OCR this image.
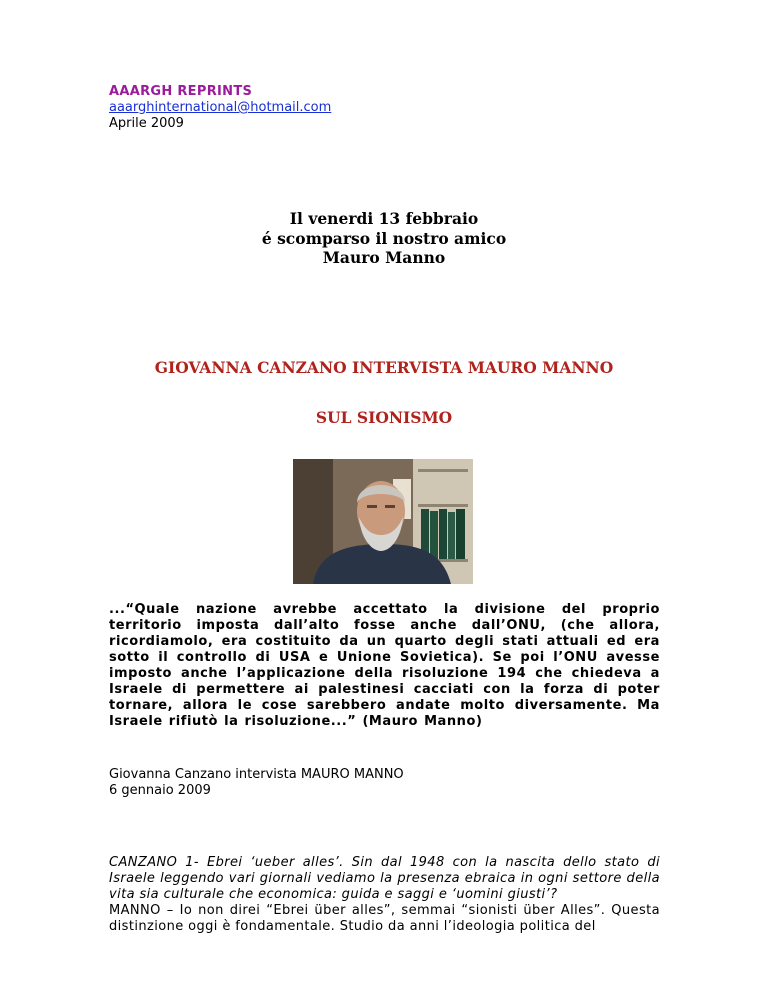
AAARGH REPRINTS
aaarghinternational@hotmail.com
Aprile 2009
Il venerdi 13 febbraio
é scomparso il nostro amico
Mauro Manno
GIOVANNA CANZANO INTERVISTA MAURO MANNO
SUL SIONISMO
...“Quale nazione avrebbe accettato la divisione del proprio territorio imposta dall’alto fosse anche dall’ONU, (che allora, ricordiamolo, era costituito da un quarto degli stati attuali ed era sotto il controllo di USA e Unione Sovietica). Se poi l’ONU avesse imposto anche l’applicazione della risoluzione 194 che chiedeva a Israele di permettere ai palestinesi cacciati con la forza di poter tornare, allora le cose sarebbero andate molto diversamente. Ma Israele rifiutò la risoluzione...” (Mauro Manno)
Giovanna Canzano intervista MAURO MANNO
6 gennaio 2009

CANZANO 1- Ebrei ‘ueber alles’. Sin dal 1948 con la nascita dello stato di Israele leggendo vari giornali vediamo la presenza ebraica in ogni settore della vita sia culturale che economica: guida e saggi e ‘uomini giusti’?

MANNO – Io non direi “Ebrei über alles”, semmai “sionisti über Alles”. Questa distinzione oggi è fondamentale. Studio da anni l’ideologia politica del
